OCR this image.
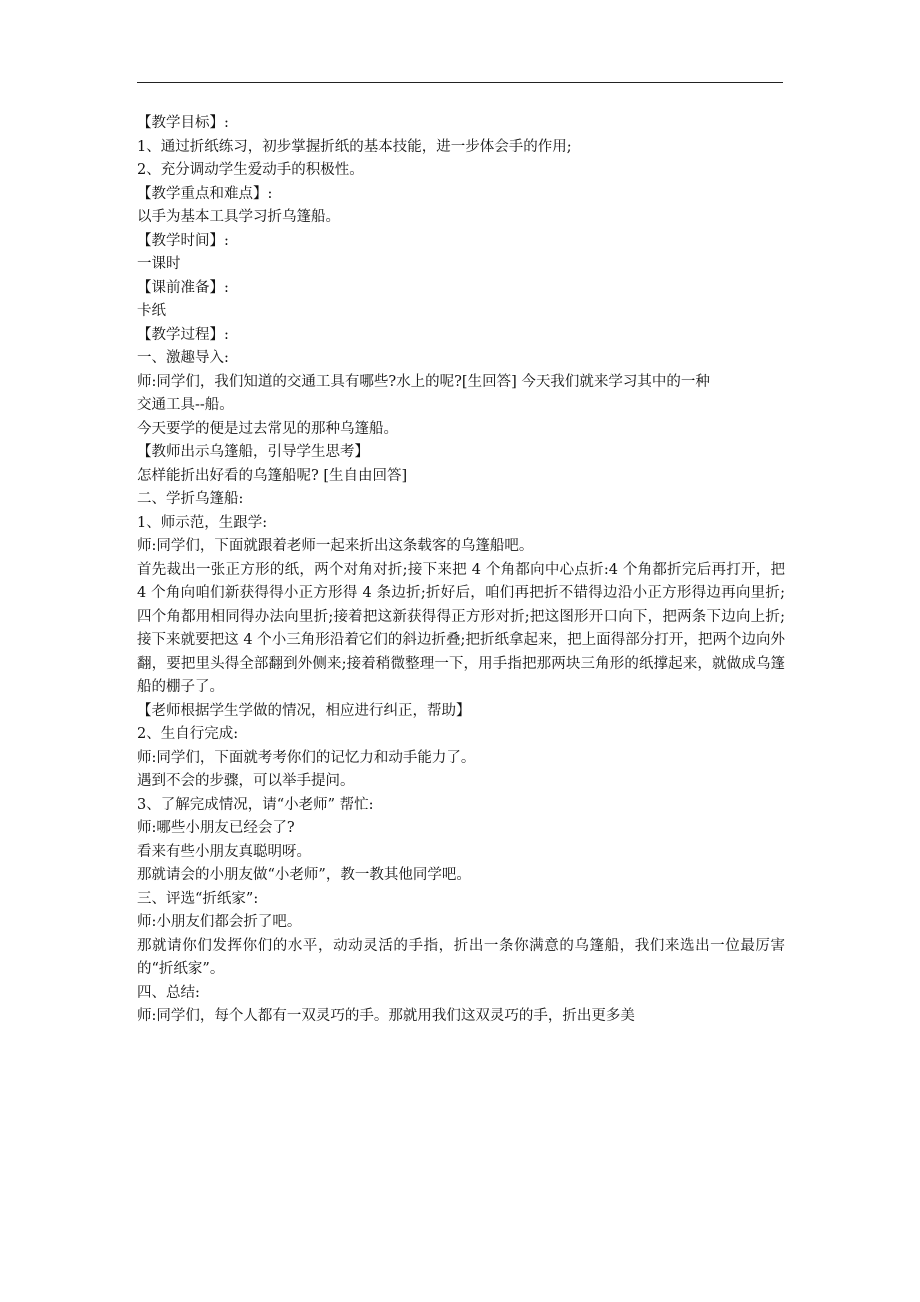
【教学目标】:
1、通过折纸练习，初步掌握折纸的基本技能，进一步体会手的作用;
2、充分调动学生爱动手的积极性。
【教学重点和难点】:
以手为基本工具学习折乌篷船。
【教学时间】:
一课时
【课前准备】:
卡纸
【教学过程】:
一、激趣导入:
师:同学们，我们知道的交通工具有哪些?水上的呢?[生回答] 今天我们就来学习其中的一种
交通工具--船。
今天要学的便是过去常见的那种乌篷船。
【教师出示乌篷船，引导学生思考】
怎样能折出好看的乌篷船呢? [生自由回答]
二、学折乌篷船:
1、师示范，生跟学:
师:同学们，下面就跟着老师一起来折出这条载客的乌篷船吧。
首先裁出一张正方形的纸，两个对角对折;接下来把 4 个角都向中心点折:4 个角都折完后再打开，把 4 个角向咱们新获得得小正方形得 4 条边折;折好后，咱们再把折不错得边沿小正方形得边再向里折;四个角都用相同得办法向里折;接着把这新获得得正方形对折;把这图形开口向下，把两条下边向上折;接下来就要把这 4 个小三角形沿着它们的斜边折叠;把折纸拿起来，把上面得部分打开，把两个边向外翻，要把里头得全部翻到外侧来;接着稍微整理一下，用手指把那两块三角形的纸撑起来，就做成乌篷船的棚子了。
【老师根据学生学做的情况，相应进行纠正，帮助】
2、生自行完成:
师:同学们，下面就考考你们的记忆力和动手能力了。
遇到不会的步骤，可以举手提问。
3、了解完成情况，请“小老师” 帮忙:
师:哪些小朋友已经会了?
看来有些小朋友真聪明呀。
那就请会的小朋友做“小老师”，教一教其他同学吧。
三、评选“折纸家”:
师:小朋友们都会折了吧。
那就请你们发挥你们的水平，动动灵活的手指，折出一条你满意的乌篷船，我们来选出一位最厉害的“折纸家”。
四、总结:
师:同学们，每个人都有一双灵巧的手。那就用我们这双灵巧的手，折出更多美
